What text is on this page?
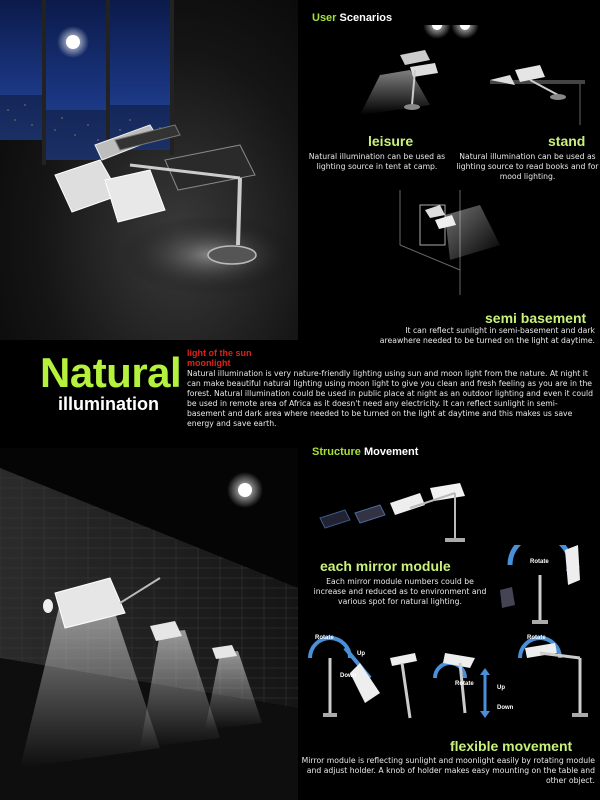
User Scenarios
leisure	stand
Natural illumination can be used as lighting source in tent at camp.
Natural illumination can be used as lighting source to read books and for mood lighting.
semi basement
It can reflect sunlight in semi-basement and dark areawhere needed to be turned on the light at daytime.
Natural
illumination
light of the sun
moonlight
Natural illumination is very nature-friendly lighting using sun and moon light from the nature. At night it can make beautiful natural lighting using moon light to give you clean and fresh feeling as you are in the forest. Natural illumination could be used in public place at night as an outdoor lighting and even it could be used in remote area of Africa as it doesn't need any electricity. It can reflect sunlight in semi-basement and dark area where needed to be turned on the light at daytime and this makes us save energy and save earth.
Structure Movement
Rotate
each mirror module
Each mirror module numbers could be increase and reduced as to environment and various spot for natural lighting.
Rotate
Up
Down
Rotate
Up
Down
Rotate
flexible movement
Mirror module is reflecting sunlight and moonlight easily by rotating module and adjust holder. A knob of holder makes easy mounting on the table and other object.
